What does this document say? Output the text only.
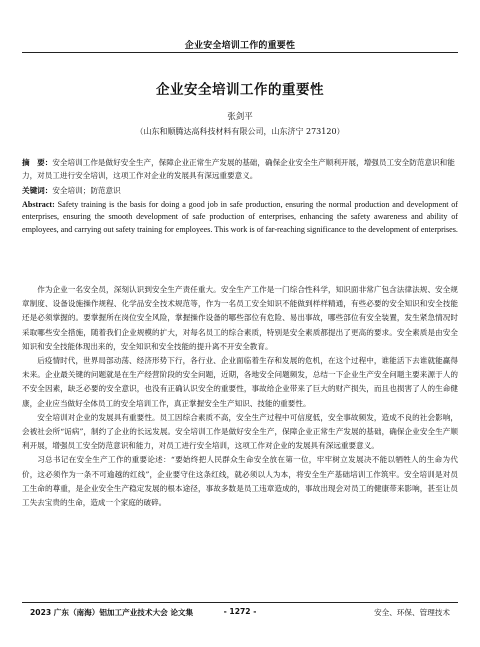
企业安全培训工作的重要性
企业安全培训工作的重要性
张剑平
（山东和顺腾达高科技材料有限公司，山东济宁 273120）
摘　要：安全培训工作是做好安全生产，保障企业正常生产发展的基础，确保企业安全生产顺利开展，增强员工安全防范意识和能力，对员工进行安全培训，这项工作对企业的发展具有深远重要意义。
关键词：安全培训；防范意识
Abstract: Safety training is the basis for doing a good job in safe production, ensuring the normal production and development of enterprises, ensuring the smooth development of safe production of enterprises, enhancing the safety awareness and ability of employees, and carrying out safety training for employees. This work is of far-reaching significance to the development of enterprises.

作为企业一名安全员，深刻认识到安全生产责任重大。安全生产工作是一门综合性科学，知识面非常广包含法律法规、安全规章制度、设备设施操作规程、化学品安全技术规范等，作为一名员工安全知识不能做到样样精通，有些必要的安全知识和安全技能还是必须掌握的。要掌握所在岗位安全风险，掌握操作设备的哪些部位有危险、易出事故，哪些部位有安全装置，发生紧急情况时采取哪些安全措施，随着我们企业规模的扩大，对每名员工的综合素质，特别是安全素质都提出了更高的要求。安全素质是由安全知识和安全技能体现出来的，安全知识和安全技能的提升离不开安全教育。

后疫情时代，世界局部动荡、经济形势下行，各行业、企业面临着生存和发展的危机，在这个过程中，谁能活下去谁就能赢得未来。企业最关键的问题就是在生产经营阶段的安全问题，近期，各地安全问题频发，总结一下企业生产安全问题主要来源于人的不安全因素，缺乏必要的安全意识，也没有正确认识安全的重要性，事故给企业带来了巨大的财产损失，而且也损害了人的生命健康，企业应当做好全体员工的安全培训工作，真正掌握安全生产知识、技能的重要性。

安全培训对企业的发展具有重要性。员工因综合素质不高，安全生产过程中可信度低，安全事故频发，造成不良的社会影响，会被社会所“诟病”，制约了企业的长远发展。安全培训工作是做好安全生产，保障企业正常生产发展的基础，确保企业安全生产顺利开展，增强员工安全防范意识和能力，对员工进行安全培训，这项工作对企业的发展具有深远重要意义。

习总书记在安全生产工作的重要论述：“要始终把人民群众生命安全放在第一位，牢牢树立发展决不能以牺牲人的生命为代价，这必须作为一条不可逾越的红线”，企业要守住这条红线，就必须以人为本，将安全生产基础培训工作筑牢。安全培训是对员工生命的尊重，是企业安全生产稳定发展的根本途径，事故多数是员工违章造成的，事故出现会对员工的健康带来影响，甚至让员工失去宝贵的生命，造成一个家庭的破碎。

2023 广东（南海）铝加工产业技术大会 论文集	- 1272 -	安全、环保、管理技术
